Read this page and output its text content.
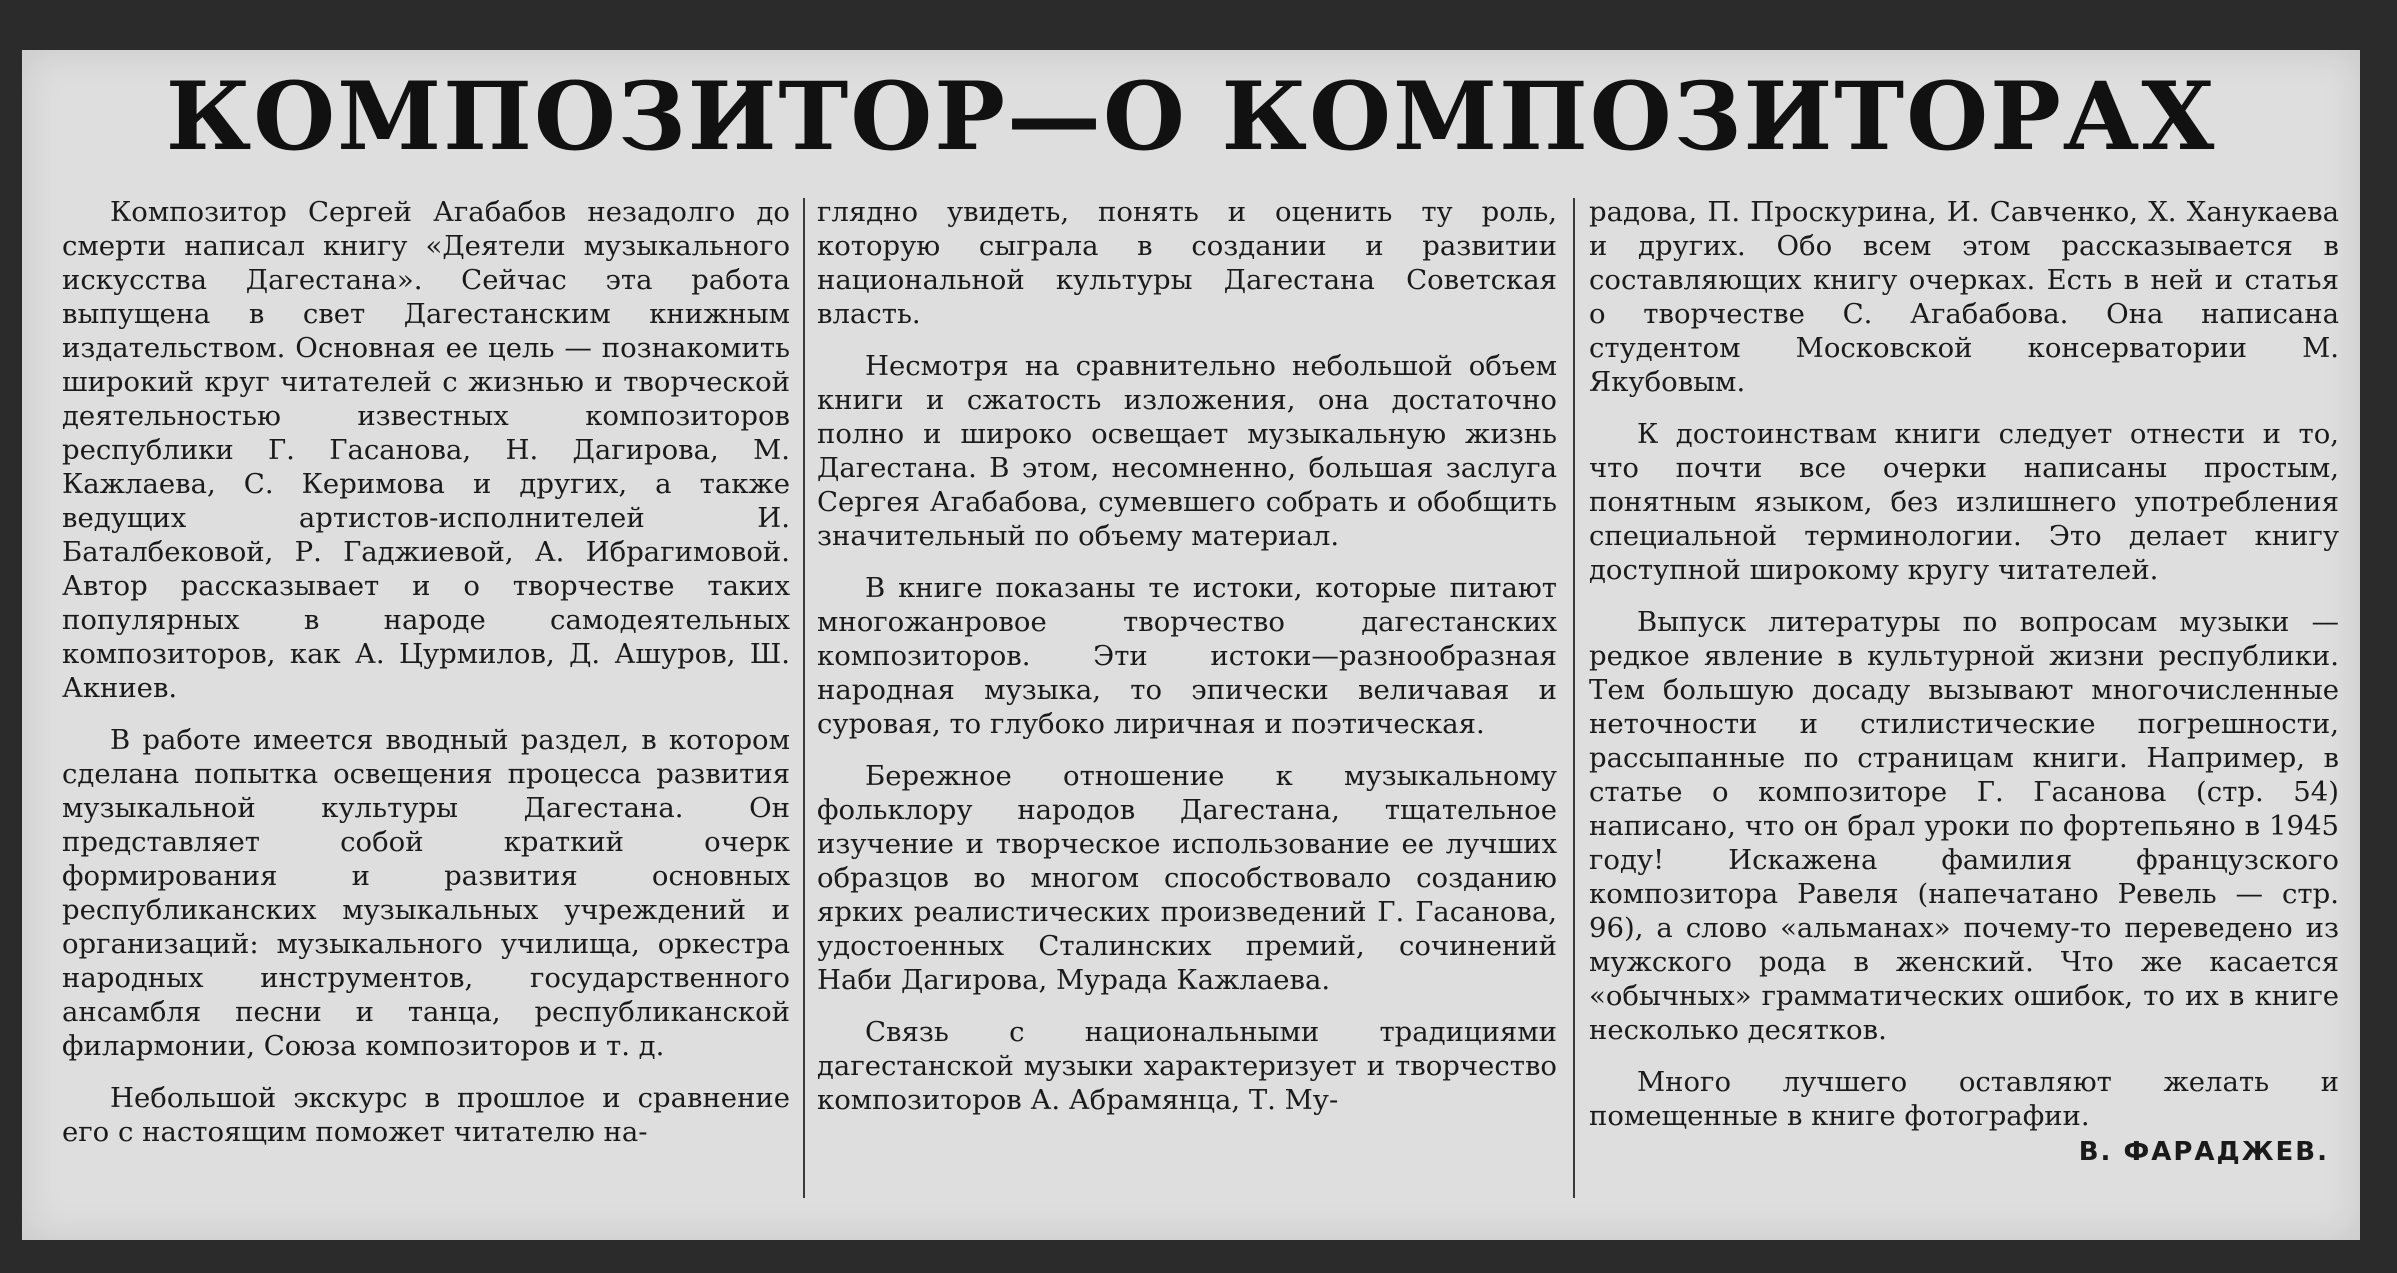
КОМПОЗИТОР—О КОМПОЗИТОРАХ

Композитор Сергей Агабабов незадолго до смерти написал книгу «Деятели музыкального искусства Дагестана». Сейчас эта работа выпущена в свет Дагестанским книжным издательством. Основная ее цель — познакомить широкий круг читателей с жизнью и творческой деятельностью известных композиторов республики Г. Гасанова, Н. Дагирова, М. Кажлаева, С. Керимова и других, а также ведущих артистов-исполнителей И. Баталбековой, Р. Гаджиевой, А. Ибрагимовой. Автор рассказывает и о творчестве таких популярных в народе самодеятельных композиторов, как А. Цурмилов, Д. Ашуров, Ш. Акниев.

В работе имеется вводный раздел, в котором сделана попытка освещения процесса развития музыкальной культуры Дагестана. Он представляет собой краткий очерк формирования и развития основных республиканских музыкальных учреждений и организаций: музыкального училища, оркестра народных инструментов, государственного ансамбля песни и танца, республиканской филармонии, Союза композиторов и т. д.

Небольшой экскурс в прошлое и сравнение его с настоящим поможет читателю на-

глядно увидеть, понять и оценить ту роль, которую сыграла в создании и развитии национальной культуры Дагестана Советская власть.

Несмотря на сравнительно небольшой объем книги и сжатость изложения, она достаточно полно и широко освещает музыкальную жизнь Дагестана. В этом, несомненно, большая заслуга Сергея Агабабова, сумевшего собрать и обобщить значительный по объему материал.

В книге показаны те истоки, которые питают многожанровое творчество дагестанских композиторов. Эти истоки—разнообразная народная музыка, то эпически величавая и суровая, то глубоко лиричная и поэтическая.

Бережное отношение к музыкальному фольклору народов Дагестана, тщательное изучение и творческое использование ее лучших образцов во многом способствовало созданию ярких реалистических произведений Г. Гасанова, удостоенных Сталинских премий, сочинений Наби Дагирова, Мурада Кажлаева.

Связь с национальными традициями дагестанской музыки характеризует и творчество композиторов А. Абрамянца, Т. Му-

радова, П. Проскурина, И. Савченко, Х. Ханукаева и других. Обо всем этом рассказывается в составляющих книгу очерках. Есть в ней и статья о творчестве С. Агабабова. Она написана студентом Московской консерватории М. Якубовым.

К достоинствам книги следует отнести и то, что почти все очерки написаны простым, понятным языком, без излишнего употребления специальной терминологии. Это делает книгу доступной широкому кругу читателей.

Выпуск литературы по вопросам музыки — редкое явление в культурной жизни республики. Тем большую досаду вызывают многочисленные неточности и стилистические погрешности, рассыпанные по страницам книги. Например, в статье о композиторе Г. Гасанова (стр. 54) написано, что он брал уроки по фортепьяно в 1945 году! Искажена фамилия французского композитора Равеля (напечатано Ревель — стр. 96), а слово «альманах» почему-то переведено из мужского рода в женский. Что же касается «обычных» грамматических ошибок, то их в книге несколько десятков.

Много лучшего оставляют желать и помещенные в книге фотографии.

В. ФАРАДЖЕВ.
